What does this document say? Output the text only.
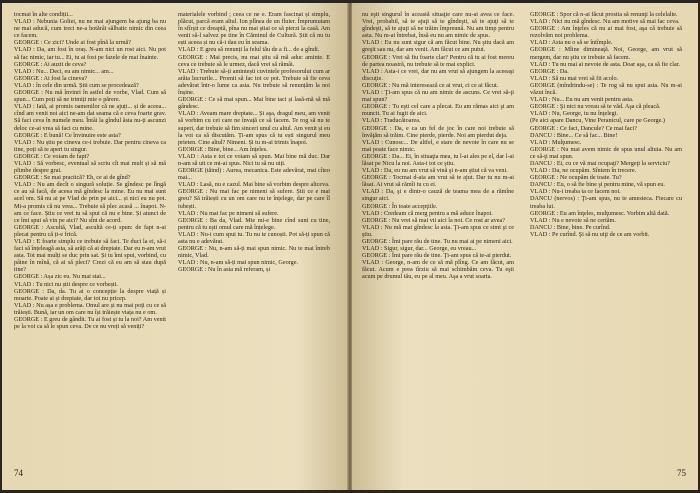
tocmai în alte condiții...
VLAD : Nebunia Goliei, nu ne mai ajungem ba ajung ba nu ne mai aducă, cum treci ne-a hotărât sălbatic nimic din ceea ce facem.
GEORGE : Ce zici? Unde ai fost pînă la urmă?
VLAD : Da, am fost în oraș. N-am nici un rost aici. Nu pot să fac nimic, iar tu... Ei, tu ai fost pe fazele de mai înainte.
GEORGE : Ai auzit de ceva?
VLAD : Nu... Deci, eu am nimic... am...
GEORGE : Ai fost la cineva?
VLAD : în cele din urmă. Știi cum se procedează?
GEORGE : Nu mă învinri în astfel de vorbe, Vlad. Cum să spun... Cum poți să ne trimiți mie o părere.
VLAD : Iată, ai promis oamenilor că ne ajuți... și de aceea... cînd am venit noi aici ne-am dat seama că e ceva foarte grav. Să faci ceva în numele meu. Întâi la gîndul ăsta nu-ți ascunzi deloc ce-ai vrea să faci cu mine.
GEORGE : E bună! Ce învinuire este asta?
VLAD : Nu știu pe cineva ce-i trebuie. Dar pentru cineva ca tine, poți să te aperi tu singur.
GEORGE : Ce voiam de fapt?
VLAD : Să vorbesc, eventual să scriu cît mai mult și să mă plimbe despre grai.
GEORGE : Se mai practică? Eh, ce ai de gînd?
VLAD : Nu am decît o singură soluție. Se gîndesc pe lîngă ce au să facă, de aceea mă gîndesc la mine. Eu nu mai sunt acel om. Să nu ai pe Vlad de prin pe aici... și nici eu nu pot. Mi-a promis că nu vrea... Trebuie să plec acasă ... înapoi. N-am ce face. Știu ce vrei tu să spui că nu e bine. Și atunci de ce îmi spui să vin pe aici? Nu sînt de acord.
GEORGE : Ascultă, Vlad, ascultă ce-ți spun: de fapt n-ai plecat pentru că ți-e frică.
VLAD : E foarte simplu ce trebuie să faci. Te duci la ei, să-i faci să înțeleagă asta, să arăți că ai dreptate. Dar eu n-am vrut asta. Tot mai mulți se duc prin sat. Și tu îmi spui, vorbind, cu pâine în mînă, că ai să pleci? Crezi că eu am să stau după tine?
GEORGE : Așa zic eu. Nu mai stai...
VLAD : Tu nici nu știi despre ce vorbești.
GEORGE : Da, da. Tu ai o concepție la despre viață și moarte. Poate ai și dreptate, dar tot nu pricep.
VLAD : Nu așa e problema. Omul are și nu mai poți cu ce să trăiești. Bună, iar un om care nu își trăiește viața nu e om.
GEORGE : E greu de gândit. Tu ai fost și tu la noi? Am venit pe la voi ca să le spun ceva. De ce nu vreți să veniți?

materialele vorbind ; ceea ce ne e. Eram fascinat și simplu, plăcut, parcă eram altul. Ion plînea de un fluier. Împrumutam în sfîrșit ce dreaptă, pîna nu mai știai ce să pierzi la casă. Am venit să-l salvez pe tine în Căminul de Cultură. Știi că nu tu ești aceea și nu că-i dau eu în seama.
VLAD : E greu să renunți la felul tău de a fi... de a gîndi.
GEORGE : Mai precis, nu mai știu să mă aduc aminte. E ceva ce trebuie să le urmez, dacă vrei să rămâi.
VLAD : Trebuie să-ți amintești cuvintele profesorului cum ar arăta lucrurile... Promit să fac tot ce pot. Trebuie să fie ceva adevărat într-o lume ca asta. Nu trebuie să renunțăm la noi înșine.
GEORGE : Ce să mai spun... Mai bine taci și lasă-mă să mă gândesc.
VLAD : Aveam mare dreptate... Și aşa, dragul meu, am venit să vorbim cu cei care ne învață ce să facem. Te rog să nu te superi, dar trebuie să fim sinceri unul cu altul. Am venit și eu la voi ca să discutăm. Ți-am spus că tu ești singurul meu prieten. Cine altul? Nimeni. Și tu m-ai trimis înapoi.
GEORGE : Bine, bine... Am înțeles.
VLAD : Asta e tot ce voiam să spun. Mai bine mă duc. Dar n-am să uit ce mi-ai spus. Nici tu să nu uiți.
GEORGE (tăind) : Aurea, mecanica. Este adevărat, mai cîteo mai...
VLAD : Lasă, nu e cazul. Mai bine să vorbim despre altceva.
GEORGE : Nu mai fac pe nimeni să sufere. Știi ce e mai greu? Să trăiești cu un om care nu te înțelege, dar pe care îl iubești.
VLAD : Nu mai fac pe nimeni să sufere.
GEORGE : Ba da, Vlad. Mie mi-e bine cînd sunt cu tine, pentru că tu ești omul care mă înțelege.
VLAD : Nu-i cum spui tu. Tu nu te cunoști. Pot să-ți spun că asta nu e adevărat.
GEORGE : Nu, n-am să-ți mai spun nimic. Nu te mai întreb nimic, Vlad.
VLAD : Nu, n-am să-ți mai spun nimic, George.
GEORGE : Nu în asta mă referam, și

74

nu eşti singurul în această situaţie care nu-ai avea ce face. Vrei, probabil, să te ajuţi să te gîndeşti, să te ajuţi să te gîndeşti, să te ajuţi să ne trăim împreună. Nu am timp pentru asta. Nu m-ai întrebat, însă eu nu am nimic de spus.
VLAD : Eu nu sunt sigur că am făcut bine. Nu ştiu dacă am greşit sau nu, dar am venit. Am făcut ce am putut.
GEORGE : Vrei să fiu foarte clar? Pentru că tu ai fost mereu de partea noastră, nu trebuie să te mai explici.
VLAD : Asta-i ce vrei, dar nu am vrut să ajungem la aceeaşi discuţie.
GEORGE : Nu mă interesează ce ai vrut, ci ce ai făcut.
VLAD : Ţi-am spus că nu am nimic de ascuns. Ce vrei să-ţi mai spun?
GEORGE : Tu eşti cel care a plecat. Eu am rămas aici şi am muncit. Tu ai fugit de aici.
VLAD : Traducătoarea.
GEORGE : Da, e ca un fel de joc în care noi trebuie să învăţăm să trăim. Cine pierde, pierde. Noi am pierdut deja.
VLAD : Cunosc... De altfel, e stare de nevoie în care nu se mai poate face nimic.
GEORGE : Da... Ei, în situaţia mea, tu l-ai ales pe el, dar l-ai lăsat pe Nicu la noi. Asta-i tot ce ştiu.
VLAD : Da, eu nu am vrut să vină şi n-am ştiut că va veni.
GEORGE : Tocmai d-aia am vrut să te ajut. Dar tu nu m-ai lăsat. Ai vrut să rămîi tu cu ei.
VLAD : Da, şi e dintr-o cauză de teama mea de a rămîne singur aici.
GEORGE : În toate accepţiile.
VLAD : Credeam că merg pentru a mă aduce înapoi.
GEORGE : Nu vrei să mai vii aici la noi. Ce rost ar avea?
VLAD : Nu mă mai gîndesc la asta. Ţi-am spus ce simt şi ce ştiu.
GEORGE : Îmi pare rău de tine. Tu nu mai ai pe nimeni aici.
VLAD : Sigur, sigur, dar... George, eu vreau...
GEORGE : Îmi pare rău de tine. Ţi-am spus că te-ai pierdut.
VLAD : George, n-am de ce să mă plîng. Ce am făcut, am făcut. Acum e prea tîrziu să mai schimbăm ceva. Tu eşti acum pe drumul tău, eu pe al meu. Aşa a vrut soarta.

GEORGE : Spor că n-ai făcut prostia să renunţi la celelalte.
VLAD : Nici nu mă gîndesc. Nu am motive să mai fac ceva.
GEORGE : Am înţeles că nu ai mai fost, aşa că trebuie să rezolvăm noi problema.
VLAD : Asta nu o să se întîmple.
GEORGE : Mîine dimineaţă. Noi, George, am vrut să mergem, dar nu ştiu ce trebuie să facem.
VLAD : Tu nu mai ai nevoie de asta. Doar aşa, ca să fie clar.
GEORGE : Da.
VLAD : Să nu mai vrei să fii acolo.
GEORGE (mîndrindu-se) : Te rog să nu spui asta. Nu m-ai văzut încă.
VLAD : Nu... Eu nu am venit pentru asta.
GEORGE : Şi nici nu vreau să te văd. Aşa că pleacă.
VLAD : Nu, George, tu nu înţelegi.
(Pe aici apare Dancu, Vine Peranicul, care pe George.)
GEORGE : Ce faci, Dancule? Ce mai faci?
DANCU : Bine... Ce să fac... Bine!
VLAD : Mulţumesc.
GEORGE : Nu mai avem nimic de spus unul altuia. Nu am ce să-ţi mai spun.
DANCU : Ei, cu ce vă mai ocupaţi? Mergeţi la serviciu?
VLAD : Da, ne ocupăm. Sîntem în trecere.
GEORGE : Ne ocupăm de toate. Tu?
DANCU : Eu, o să fie bine şi pentru mine, vă spun eu.
VLAD : Nu-i treaba ta ce facem noi.
DANCU (nervos) : Ţi-am spus, nu te amesteca. Fiecare cu treaba lui.
GEORGE : Eu am înţeles, mulţumesc. Vorbim altă dată.
VLAD : Nu e nevoie să ne certăm.
DANCU : Bine, bine. Pe curînd.
VLAD : Pe curînd. Şi să nu uiţi de ce am vorbit.

75
